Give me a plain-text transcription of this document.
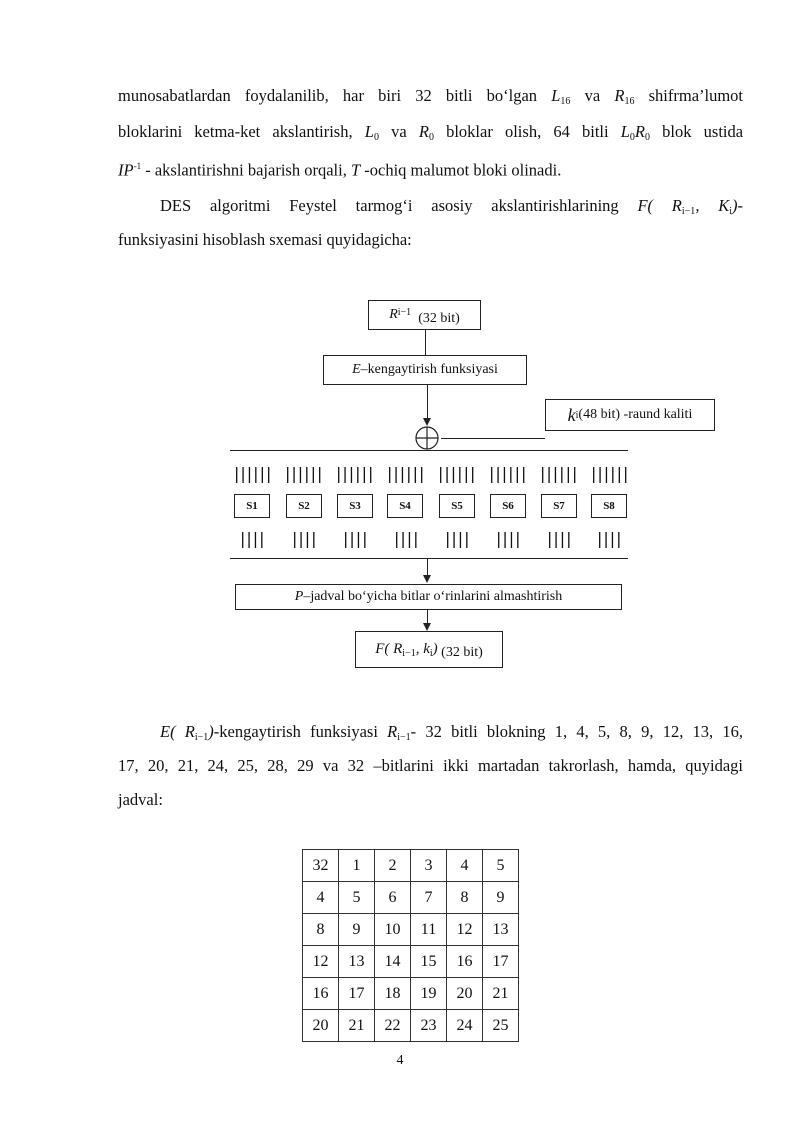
munosabatlardan foydalanilib, har biri 32 bitli bo‘lgan $L_{16}$ va $R_{16}$ shifrma’lumot
bloklarini ketma-ket akslantirish, $L_0$ va $R_0$ bloklar olish, 64 bitli $L_0R_0$ blok ustida
$IP^{-1}$ - akslantirishni bajarish orqali, T -ochiq malumot bloki olinadi.
DES algoritmi Feystel tarmog‘i asosiy akslantirishlarining F( $R_{i-1}$, $K_i)-$
funksiyasini hisoblash sxemasi quyidagicha:
R i−1
(32 bit)
E –kengaytirish funksiyasi
k i (48 bit) -raund kaliti
|||||| |||||| |||||| |||||| |||||| |||||| |||||| ||||||
S1	S2	S3	S4	S5	S6	S7	S8
|||| |||| |||| |||| |||| |||| |||| ||||
P –jadval bo‘yicha bitlar o‘rinlarini almashtirish
F( $R_{i-1}$, $k_i$)
(32 bit)
E( $R_{i-1}$)-kengaytirish funksiyasi $R_{i-1}-$ 32 bitli blokning 1, 4, 5, 8, 9, 12, 13, 16,
17, 20, 21, 24, 25, 28, 29 va 32 –bitlarini ikki martadan takrorlash, hamda, quyidagi
jadval:
32	1	2	3	4	5
4	5	6	7	8	9
8	9	10	11	12	13
12	13	14	15	16	17
16	17	18	19	20	21
20	21	22	23	24	25
4
